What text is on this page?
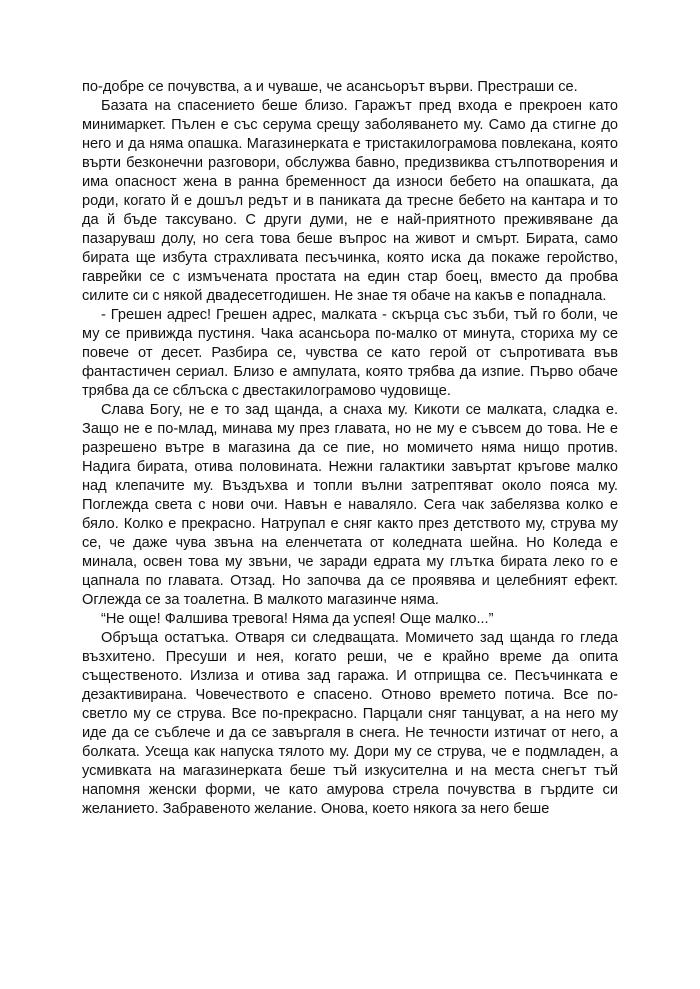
по-добре се почувства, а и чуваше, че асансьорът върви. Престраши се.

Базата на спасението беше близо. Гаражът пред входа е прекроен като минимаркет. Пълен е със серума срещу заболяването му. Само да стигне до него и да няма опашка. Магазинерката е тристакилограмова повлекана, която върти безконечни разговори, обслужва бавно, предизвиква стълпотворения и има опасност жена в ранна бременност да износи бебето на опашката, да роди, когато й е дошъл редът и в паниката да тресне бебето на кантара и то да й бъде таксувано. С други думи, не е най-приятното преживяване да пазаруваш долу, но сега това беше въпрос на живот и смърт. Бирата, само бирата ще избута страхливата песъчинка, която иска да покаже геройство, гаврейки се с измъчената простата на един стар боец, вместо да пробва силите си с някой двадесетгодишен. Не знае тя обаче на какъв е попаднала.

- Грешен адрес! Грешен адрес, малката - скърца със зъби, тъй го боли, че му се привижда пустиня. Чака асансьора по-малко от минута, сториха му се повече от десет. Разбира се, чувства се като герой от съпротивата във фантастичен сериал. Близо е ампулата, която трябва да изпие. Първо обаче трябва да се сблъска с двестакилограмово чудовище.

Слава Богу, не е то зад щанда, а снаха му. Кикоти се малката, сладка е. Защо не е по-млад, минава му през главата, но не му е съвсем до това. Не е разрешено вътре в магазина да се пие, но момичето няма нищо против. Надига бирата, отива половината. Нежни галактики завъртат кръгове малко над клепачите му. Въздъхва и топли вълни затрептяват около поясa му. Поглежда света с нови очи. Навън е наваляло. Сега чак забелязва колко е бяло. Колко е прекрасно. Натрупал е сняг както през детството му, струва му се, че даже чува звъна на еленчетата от коледната шейна. Но Коледа е минала, освен това му звъни, че заради едрата му глътка бирата леко го е цапнала по главата. Отзад. Но започва да се проявява и целебният ефект. Оглежда се за тоалетна. В малкото магазинче няма.

“Не още! Фалшива тревога! Няма да успея! Още малко...”

Обръща остатъка. Отваря си следващата. Момичето зад щанда го гледа възхитено. Пресуши и нея, когато реши, че е крайно време да опита същественото. Излиза и отива зад гаража. И отприщва се. Песъчинката е дезактивирана. Човечеството е спасено. Отново времето потича. Все по-светло му се струва. Все по-прекрасно. Парцали сняг танцуват, а на него му иде да се съблече и да се завъргаля в снега. Не течности изтичат от него, а болката. Усеща как напуска тялото му. Дори му се струва, че е подмладен, а усмивката на магазинерката беше тъй изкусителна и на места снегът тъй напомня женски форми, че като амурова стрела почувства в гърдите си желанието. Забравеното желание. Онова, което някога за него беше
